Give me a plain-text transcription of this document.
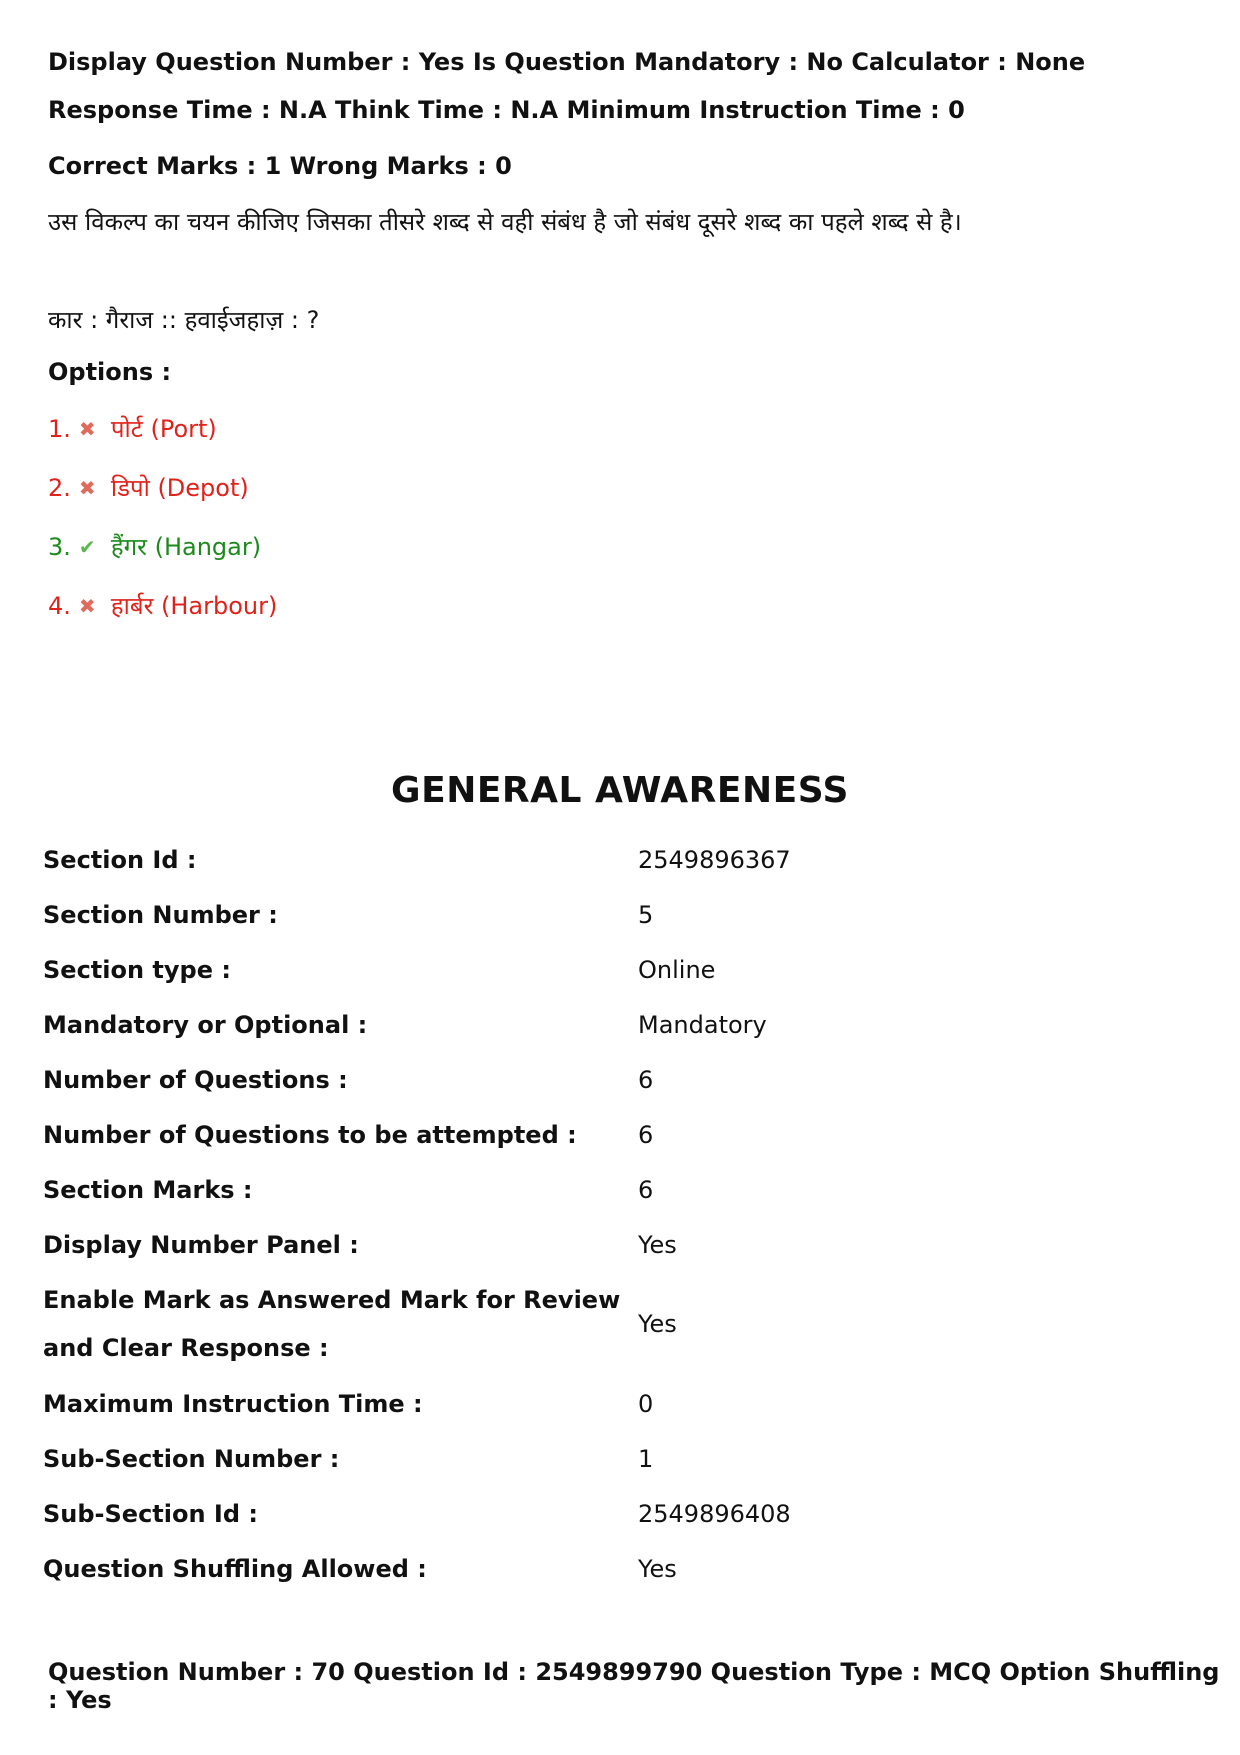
Display Question Number : Yes Is Question Mandatory : No Calculator : None Response Time : N.A Think Time : N.A Minimum Instruction Time : 0
Correct Marks : 1 Wrong Marks : 0
उस विकल्प का चयन कीजिए जिसका तीसरे शब्द से वही संबंध है जो संबंध दूसरे शब्द का पहले शब्द से है।
कार : गैराज :: हवाईजहाज़ : ?
Options :
1. ✖ पोर्ट (Port)
2. ✖ डिपो (Depot)
3. ✔ हैंगर (Hangar)
4. ✖ हार्बर (Harbour)
GENERAL AWARENESS
Section Id :	2549896367
Section Number :	5
Section type :	Online
Mandatory or Optional :	Mandatory
Number of Questions :	6
Number of Questions to be attempted :	6
Section Marks :	6
Display Number Panel :	Yes
Enable Mark as Answered Mark for Review and Clear Response :
Yes
Maximum Instruction Time :	0
Sub-Section Number :	1
Sub-Section Id :	2549896408
Question Shuffling Allowed :	Yes
Question Number : 70 Question Id : 2549899790 Question Type : MCQ Option Shuffling : Yes
